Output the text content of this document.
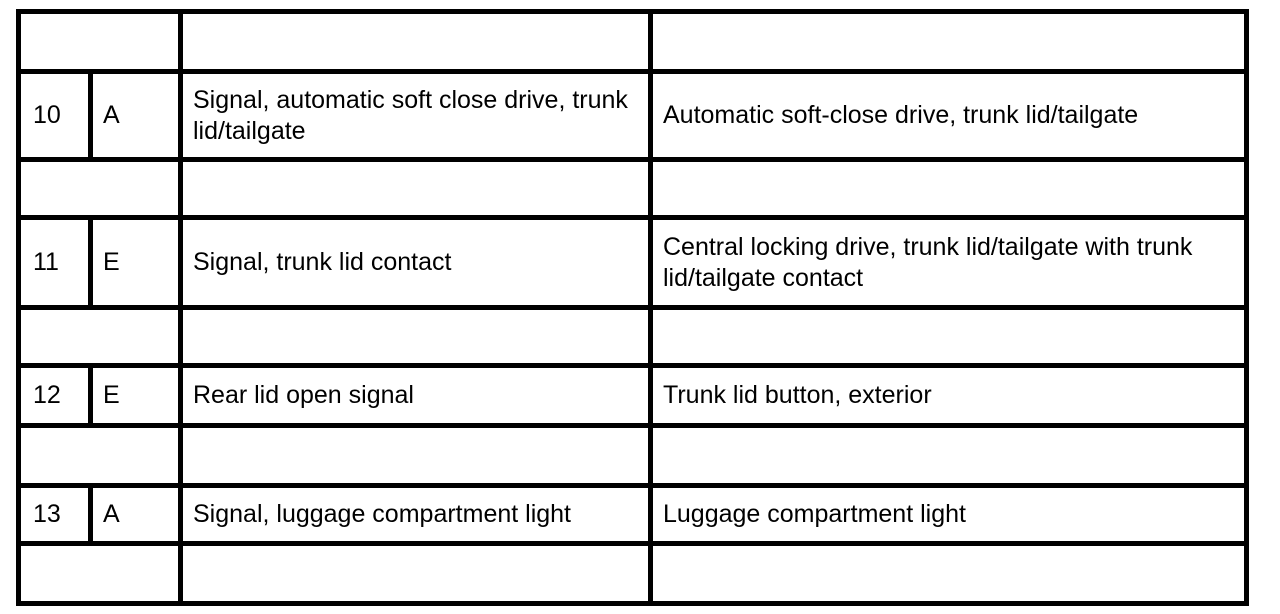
10	A	Signal, automatic soft close drive, trunk lid/tailgate	Automatic soft-close drive, trunk lid/tailgate

11	E	Signal, trunk lid contact	Central locking drive, trunk lid/tailgate with trunk lid/tailgate contact

12	E	Rear lid open signal	Trunk lid button, exterior

13	A	Signal, luggage compartment light	Luggage compartment light
